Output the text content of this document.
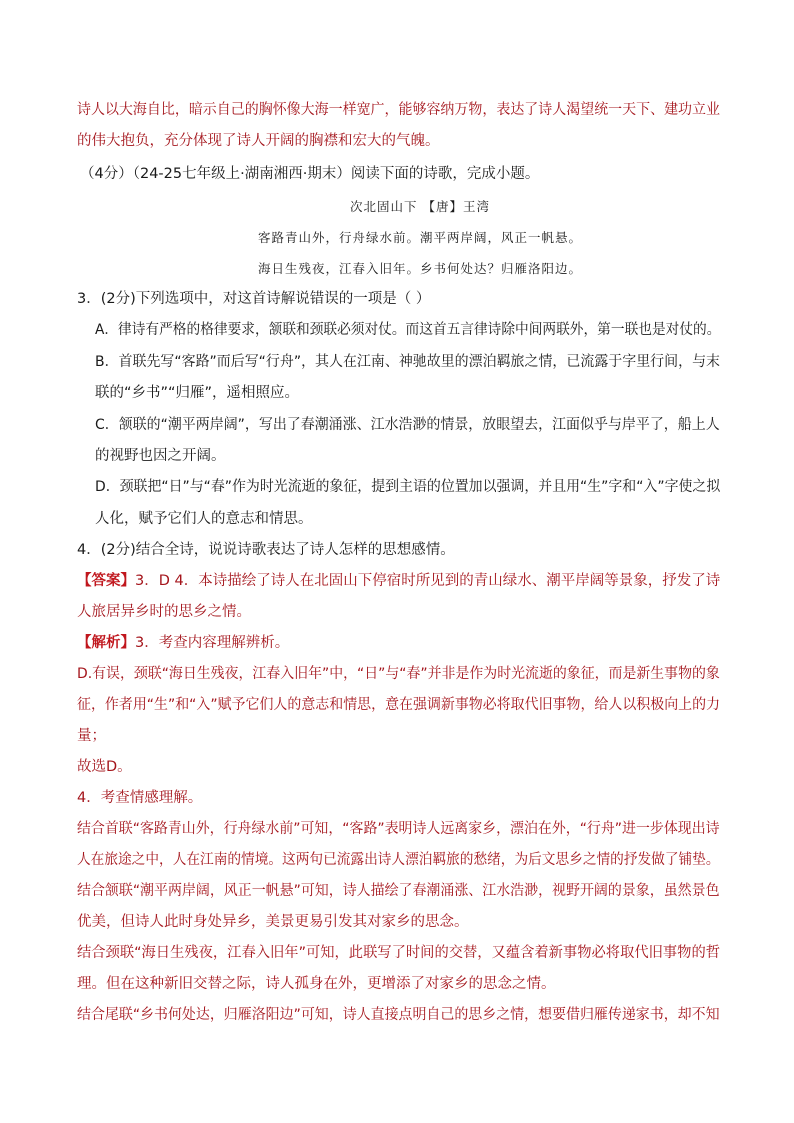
诗人以大海自比，暗示自己的胸怀像大海一样宽广，能够容纳万物，表达了诗人渴望统一天下、建功立业
的伟大抱负，充分体现了诗人开阔的胸襟和宏大的气魄。
（4分）（24-25七年级上·湖南湘西·期末）阅读下面的诗歌，完成小题。
次北固山下 【唐】王湾
客路青山外，行舟绿水前。潮平两岸阔，风正一帆悬。
海日生残夜，江春入旧年。乡书何处达？归雁洛阳边。
3．(2分)下列选项中，对这首诗解说错误的一项是（ ）
A．律诗有严格的格律要求，颔联和颈联必须对仗。而这首五言律诗除中间两联外，第一联也是对仗的。
B．首联先写“客路”而后写“行舟”，其人在江南、神驰故里的漂泊羁旅之情，已流露于字里行间，与末
联的“乡书”“归雁”，遥相照应。
C．颔联的“潮平两岸阔”，写出了春潮涌涨、江水浩渺的情景，放眼望去，江面似乎与岸平了，船上人
的视野也因之开阔。
D．颈联把“日”与“春”作为时光流逝的象征，提到主语的位置加以强调，并且用“生”字和“入”字使之拟
人化，赋予它们人的意志和情思。
4．(2分)结合全诗，说说诗歌表达了诗人怎样的思想感情。
【答案】3．D 4．本诗描绘了诗人在北固山下停宿时所见到的青山绿水、潮平岸阔等景象，抒发了诗
人旅居异乡时的思乡之情。
【解析】3．考查内容理解辨析。
D.有误，颈联“海日生残夜，江春入旧年”中，“日”与“春”并非是作为时光流逝的象征，而是新生事物的象
征，作者用“生”和“入”赋予它们人的意志和情思，意在强调新事物必将取代旧事物，给人以积极向上的力
量；
故选D。
4．考查情感理解。
结合首联“客路青山外，行舟绿水前”可知，“客路”表明诗人远离家乡，漂泊在外，“行舟”进一步体现出诗
人在旅途之中，人在江南的情境。这两句已流露出诗人漂泊羁旅的愁绪，为后文思乡之情的抒发做了铺垫。
结合颔联“潮平两岸阔，风正一帆悬”可知，诗人描绘了春潮涌涨、江水浩渺，视野开阔的景象，虽然景色
优美，但诗人此时身处异乡，美景更易引发其对家乡的思念。
结合颈联“海日生残夜，江春入旧年”可知，此联写了时间的交替，又蕴含着新事物必将取代旧事物的哲
理。但在这种新旧交替之际，诗人孤身在外，更增添了对家乡的思念之情。
结合尾联“乡书何处达，归雁洛阳边”可知，诗人直接点明自己的思乡之情，想要借归雁传递家书，却不知
